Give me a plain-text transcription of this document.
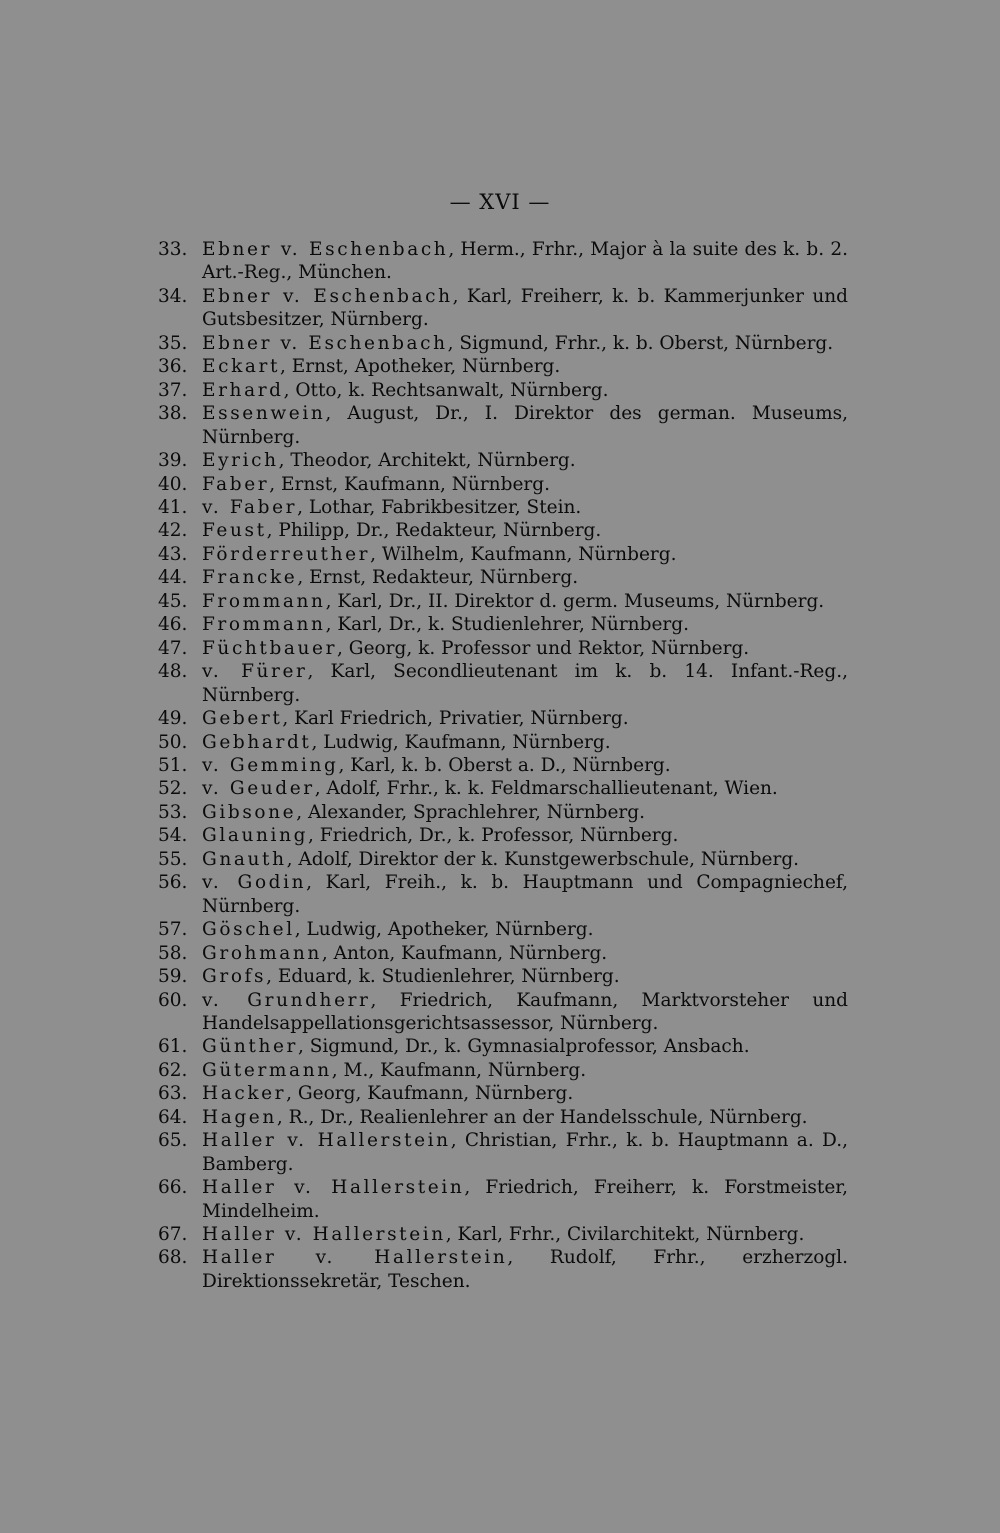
— XVI —
33. Ebner v. Eschenbach, Herm., Frhr., Major à la suite des k. b. 2. Art.-Reg., München.
34. Ebner v. Eschenbach, Karl, Freiherr, k. b. Kammerjunker und Gutsbesitzer, Nürnberg.
35. Ebner v. Eschenbach, Sigmund, Frhr., k. b. Oberst, Nürnberg.
36. Eckart, Ernst, Apotheker, Nürnberg.
37. Erhard, Otto, k. Rechtsanwalt, Nürnberg.
38. Essenwein, August, Dr., I. Direktor des german. Museums, Nürnberg.
39. Eyrich, Theodor, Architekt, Nürnberg.
40. Faber, Ernst, Kaufmann, Nürnberg.
41. v. Faber, Lothar, Fabrikbesitzer, Stein.
42. Feust, Philipp, Dr., Redakteur, Nürnberg.
43. Förderreuther, Wilhelm, Kaufmann, Nürnberg.
44. Francke, Ernst, Redakteur, Nürnberg.
45. Frommann, Karl, Dr., II. Direktor d. germ. Museums, Nürnberg.
46. Frommann, Karl, Dr., k. Studienlehrer, Nürnberg.
47. Füchtbauer, Georg, k. Professor und Rektor, Nürnberg.
48. v. Fürer, Karl, Secondlieutenant im k. b. 14. Infant.-Reg., Nürnberg.
49. Gebert, Karl Friedrich, Privatier, Nürnberg.
50. Gebhardt, Ludwig, Kaufmann, Nürnberg.
51. v. Gemming, Karl, k. b. Oberst a. D., Nürnberg.
52. v. Geuder, Adolf, Frhr., k. k. Feldmarschallieutenant, Wien.
53. Gibsone, Alexander, Sprachlehrer, Nürnberg.
54. Glauning, Friedrich, Dr., k. Professor, Nürnberg.
55. Gnauth, Adolf, Direktor der k. Kunstgewerbschule, Nürnberg.
56. v. Godin, Karl, Freih., k. b. Hauptmann und Compagniechef, Nürnberg.
57. Göschel, Ludwig, Apotheker, Nürnberg.
58. Grohmann, Anton, Kaufmann, Nürnberg.
59. Grofs, Eduard, k. Studienlehrer, Nürnberg.
60. v. Grundherr, Friedrich, Kaufmann, Marktvorsteher und Handelsappellationsgerichtsassessor, Nürnberg.
61. Günther, Sigmund, Dr., k. Gymnasialprofessor, Ansbach.
62. Gütermann, M., Kaufmann, Nürnberg.
63. Hacker, Georg, Kaufmann, Nürnberg.
64. Hagen, R., Dr., Realienlehrer an der Handelsschule, Nürnberg.
65. Haller v. Hallerstein, Christian, Frhr., k. b. Hauptmann a. D., Bamberg.
66. Haller v. Hallerstein, Friedrich, Freiherr, k. Forstmeister, Mindelheim.
67. Haller v. Hallerstein, Karl, Frhr., Civilarchitekt, Nürnberg.
68. Haller v. Hallerstein, Rudolf, Frhr., erzherzogl. Direktionssekretär, Teschen.
